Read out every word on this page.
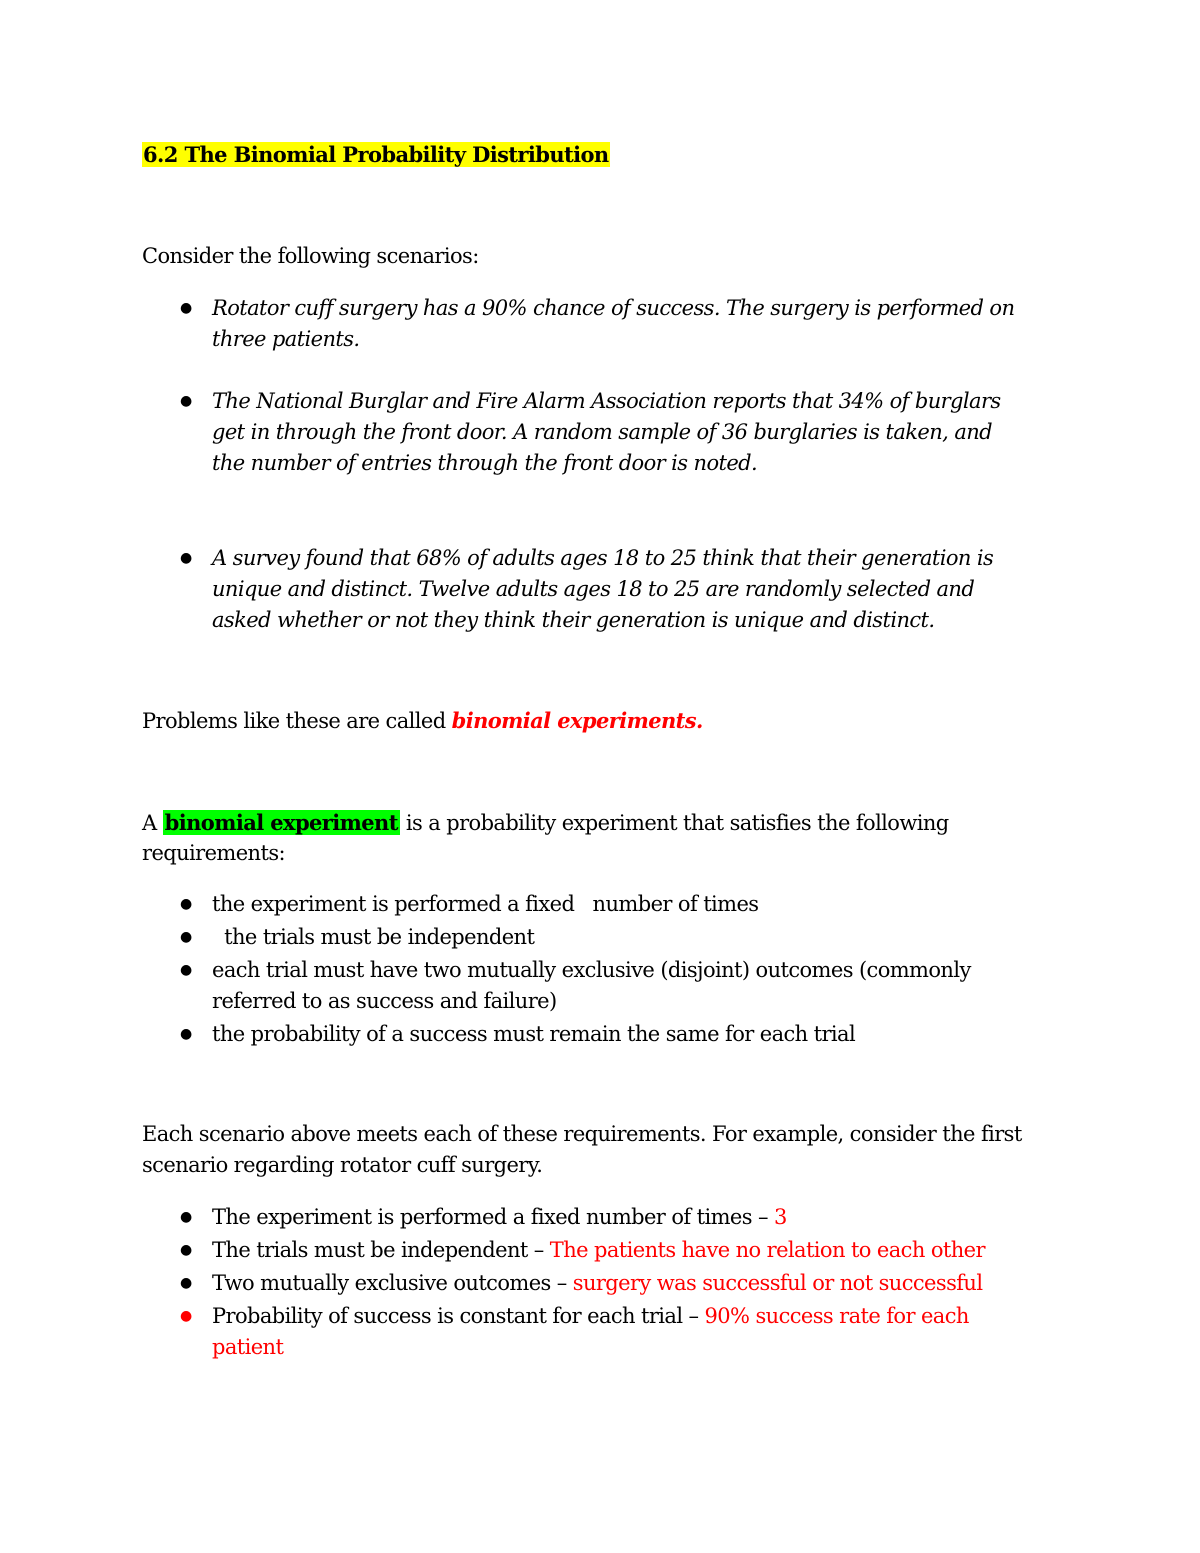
6.2 The Binomial Probability Distribution
Consider the following scenarios:
● Rotator cuff surgery has a 90% chance of success. The surgery is performed on
three patients.
● The National Burglar and Fire Alarm Association reports that 34% of burglars
get in through the front door. A random sample of 36 burglaries is taken, and
the number of entries through the front door is noted.
● A survey found that 68% of adults ages 18 to 25 think that their generation is
unique and distinct. Twelve adults ages 18 to 25 are randomly selected and
asked whether or not they think their generation is unique and distinct.
Problems like these are called binomial experiments.
A binomial experiment is a probability experiment that satisfies the following
requirements:
● the experiment is performed a fixed   number of times
● the trials must be independent
● each trial must have two mutually exclusive (disjoint) outcomes (commonly
referred to as success and failure)
● the probability of a success must remain the same for each trial
Each scenario above meets each of these requirements. For example, consider the first
scenario regarding rotator cuff surgery.
● The experiment is performed a fixed number of times – 3
● The trials must be independent – The patients have no relation to each other
● Two mutually exclusive outcomes – surgery was successful or not successful
● Probability of success is constant for each trial – 90% success rate for each
patient
